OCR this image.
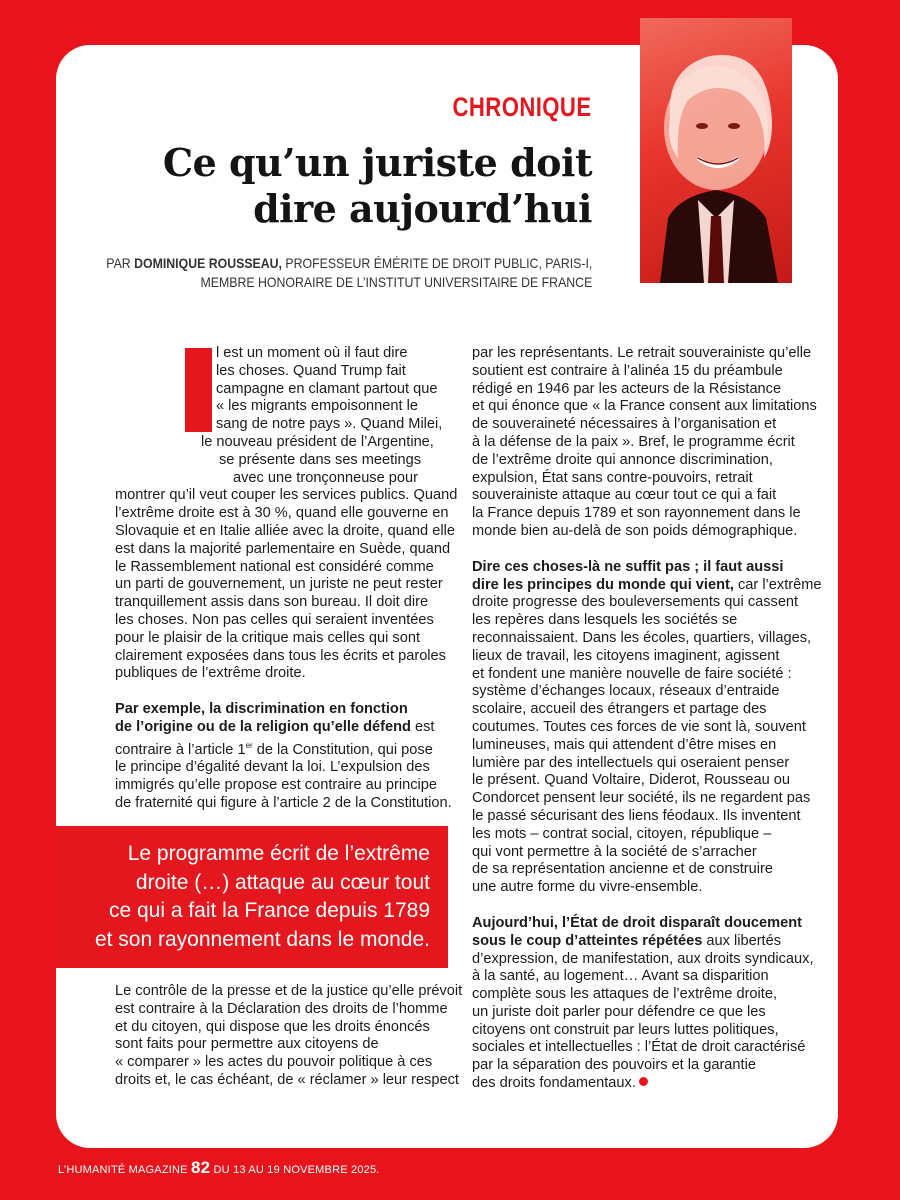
CHRONIQUE
Ce qu’un juriste doit
dire aujourd’hui
PAR DOMINIQUE ROUSSEAU, PROFESSEUR ÉMÉRITE DE DROIT PUBLIC, PARIS-I,
MEMBRE HONORAIRE DE L’INSTITUT UNIVERSITAIRE DE FRANCE

l est un moment où il faut dire
les choses. Quand Trump fait
campagne en clamant partout que
« les migrants empoisonnent le
sang de notre pays ». Quand Milei,
le nouveau président de l’Argentine,
se présente dans ses meetings
avec une tronçonneuse pour

montrer qu’il veut couper les services publics. Quand
l’extrême droite est à 30 %, quand elle gouverne en
Slovaquie et en Italie alliée avec la droite, quand elle
est dans la majorité parlementaire en Suède, quand
le Rassemblement national est considéré comme
un parti de gouvernement, un juriste ne peut rester
tranquillement assis dans son bureau. Il doit dire
les choses. Non pas celles qui seraient inventées
pour le plaisir de la critique mais celles qui sont
clairement exposées dans tous les écrits et paroles
publiques de l’extrême droite.

Par exemple, la discrimination en fonction
de l’origine ou de la religion qu’elle défend est
contraire à l’article 1er de la Constitution, qui pose
le principe d’égalité devant la loi. L’expulsion des
immigrés qu’elle propose est contraire au principe
de fraternité qui figure à l’article 2 de la Constitution.

Le programme écrit de l’extrême
droite (…) attaque au cœur tout
ce qui a fait la France depuis 1789
et son rayonnement dans le monde.

Le contrôle de la presse et de la justice qu’elle prévoit
est contraire à la Déclaration des droits de l’homme
et du citoyen, qui dispose que les droits énoncés
sont faits pour permettre aux citoyens de
« comparer » les actes du pouvoir politique à ces
droits et, le cas échéant, de « réclamer » leur respect

par les représentants. Le retrait souverainiste qu’elle
soutient est contraire à l’alinéa 15 du préambule
rédigé en 1946 par les acteurs de la Résistance
et qui énonce que « la France consent aux limitations
de souveraineté nécessaires à l’organisation et
à la défense de la paix ». Bref, le programme écrit
de l’extrême droite qui annonce discrimination,
expulsion, État sans contre-pouvoirs, retrait
souverainiste attaque au cœur tout ce qui a fait
la France depuis 1789 et son rayonnement dans le
monde bien au-delà de son poids démographique.

Dire ces choses-là ne suffit pas ; il faut aussi
dire les principes du monde qui vient, car l’extrême
droite progresse des bouleversements qui cassent
les repères dans lesquels les sociétés se
reconnaissaient. Dans les écoles, quartiers, villages,
lieux de travail, les citoyens imaginent, agissent
et fondent une manière nouvelle de faire société :
système d’échanges locaux, réseaux d’entraide
scolaire, accueil des étrangers et partage des
coutumes. Toutes ces forces de vie sont là, souvent
lumineuses, mais qui attendent d’être mises en
lumière par des intellectuels qui oseraient penser
le présent. Quand Voltaire, Diderot, Rousseau ou
Condorcet pensent leur société, ils ne regardent pas
le passé sécurisant des liens féodaux. Ils inventent
les mots – contrat social, citoyen, république –
qui vont permettre à la société de s’arracher
de sa représentation ancienne et de construire
une autre forme du vivre-ensemble.

Aujourd’hui, l’État de droit disparaît doucement
sous le coup d’atteintes répétées aux libertés
d’expression, de manifestation, aux droits syndicaux,
à la santé, au logement… Avant sa disparition
complète sous les attaques de l’extrême droite,
un juriste doit parler pour défendre ce que les
citoyens ont construit par leurs luttes politiques,
sociales et intellectuelles : l’État de droit caractérisé
par la séparation des pouvoirs et la garantie
des droits fondamentaux.

L’HUMANITÉ MAGAZINE 82 DU 13 AU 19 NOVEMBRE 2025.
